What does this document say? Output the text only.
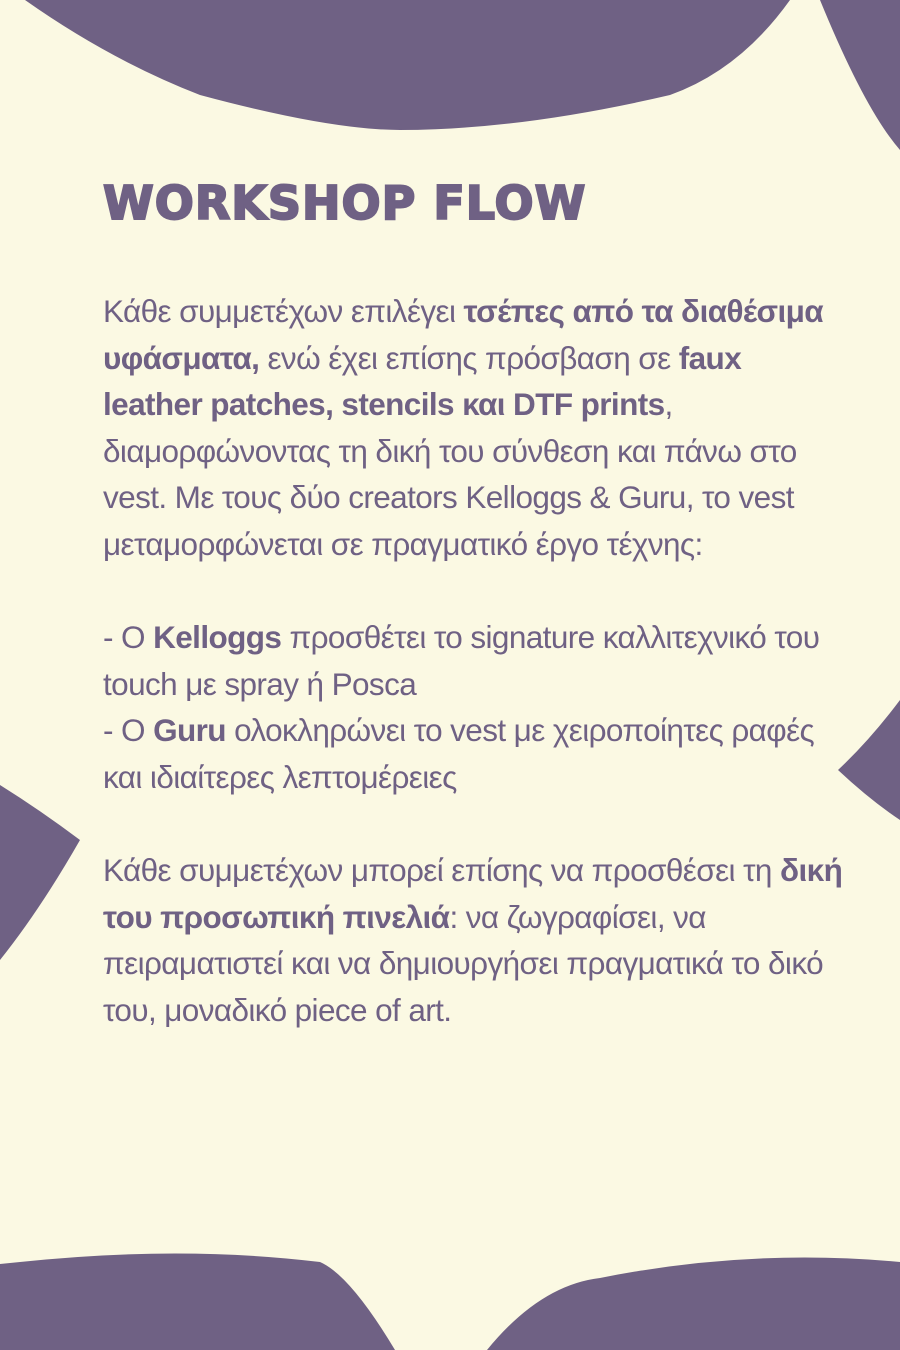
WORKSHOP FLOW

Κάθε συμμετέχων επιλέγει τσέπες από τα διαθέσιμα υφάσματα, ενώ έχει επίσης πρόσβαση σε faux leather patches, stencils και DTF prints, διαμορφώνοντας τη δική του σύνθεση και πάνω στο vest. Με τους δύο creators Kelloggs & Guru, το vest μεταμορφώνεται σε πραγματικό έργο τέχνης:

- Ο Kelloggs προσθέτει το signature καλλιτεχνικό του touch με spray ή Posca

- Ο Guru ολοκληρώνει το vest με χειροποίητες ραφές και ιδιαίτερες λεπτομέρειες

Κάθε συμμετέχων μπορεί επίσης να προσθέσει τη δική του προσωπική πινελιά: να ζωγραφίσει, να πειραματιστεί και να δημιουργήσει πραγματικά το δικό του, μοναδικό piece of art.
